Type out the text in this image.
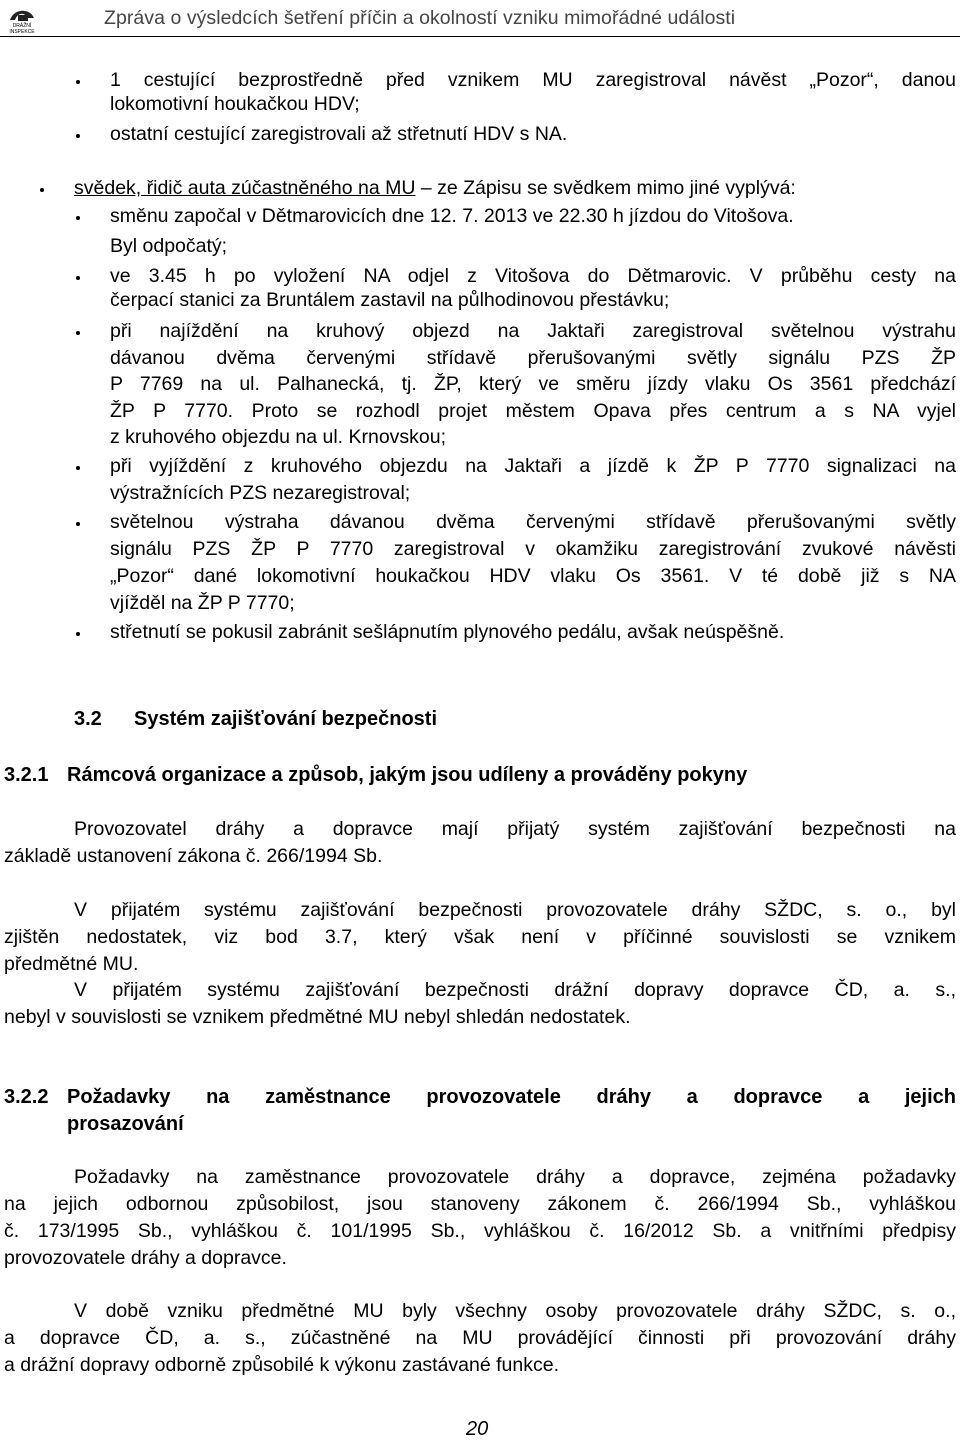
DRÁŽNÍ
INSPEKCE
Zpráva o výsledcích šetření příčin a okolností vzniku mimořádné události
1 cestující bezprostředně před vznikem MU zaregistroval návěst „Pozor“, danou
lokomotivní houkačkou HDV;
ostatní cestující zaregistrovali až střetnutí HDV s NA.
svědek, řidič auta zúčastněného na MU – ze Zápisu se svědkem mimo jiné vyplývá:
směnu započal v Dětmarovicích dne 12. 7. 2013 ve 22.30 h jízdou do Vitošova.
Byl odpočatý;
ve 3.45 h po vyložení NA odjel z Vitošova do Dětmarovic. V průběhu cesty na
čerpací stanici za Bruntálem zastavil na půlhodinovou přestávku;
při najíždění na kruhový objezd na Jaktaři zaregistroval světelnou výstrahu
dávanou dvěma červenými střídavě přerušovanými světly signálu PZS ŽP
P 7769 na ul. Palhanecká, tj. ŽP, který ve směru jízdy vlaku Os 3561 předchází
ŽP P 7770. Proto se rozhodl projet městem Opava přes centrum a s NA vyjel
z kruhového objezdu na ul. Krnovskou;
při vyjíždění z kruhového objezdu na Jaktaři a jízdě k ŽP P 7770 signalizaci na
výstražnících PZS nezaregistroval;
světelnou výstraha dávanou dvěma červenými střídavě přerušovanými světly
signálu PZS ŽP P 7770 zaregistroval v okamžiku zaregistrování zvukové návěsti
„Pozor“ dané lokomotivní houkačkou HDV vlaku Os 3561. V té době již s NA
vjížděl na ŽP P 7770;
střetnutí se pokusil zabránit sešlápnutím plynového pedálu, avšak neúspěšně.
3.2 Systém zajišťování bezpečnosti
3.2.1 Rámcová organizace a způsob, jakým jsou udíleny a prováděny pokyny
Provozovatel dráhy a dopravce mají přijatý systém zajišťování bezpečnosti na
základě ustanovení zákona č. 266/1994 Sb.
V přijatém systému zajišťování bezpečnosti provozovatele dráhy SŽDC, s. o., byl
zjištěn nedostatek, viz bod 3.7, který však není v příčinné souvislosti se vznikem
předmětné MU.
V přijatém systému zajišťování bezpečnosti drážní dopravy dopravce ČD, a. s.,
nebyl v souvislosti se vznikem předmětné MU nebyl shledán nedostatek.
3.2.2 Požadavky na zaměstnance provozovatele dráhy a dopravce a jejich
prosazování
Požadavky na zaměstnance provozovatele dráhy a dopravce, zejména požadavky
na jejich odbornou způsobilost, jsou stanoveny zákonem č. 266/1994 Sb., vyhláškou
č. 173/1995 Sb., vyhláškou č. 101/1995 Sb., vyhláškou č. 16/2012 Sb. a vnitřními předpisy
provozovatele dráhy a dopravce.
V době vzniku předmětné MU byly všechny osoby provozovatele dráhy SŽDC, s. o.,
a dopravce ČD, a. s., zúčastněné na MU provádějící činnosti při provozování dráhy
a drážní dopravy odborně způsobilé k výkonu zastávané funkce.
20
